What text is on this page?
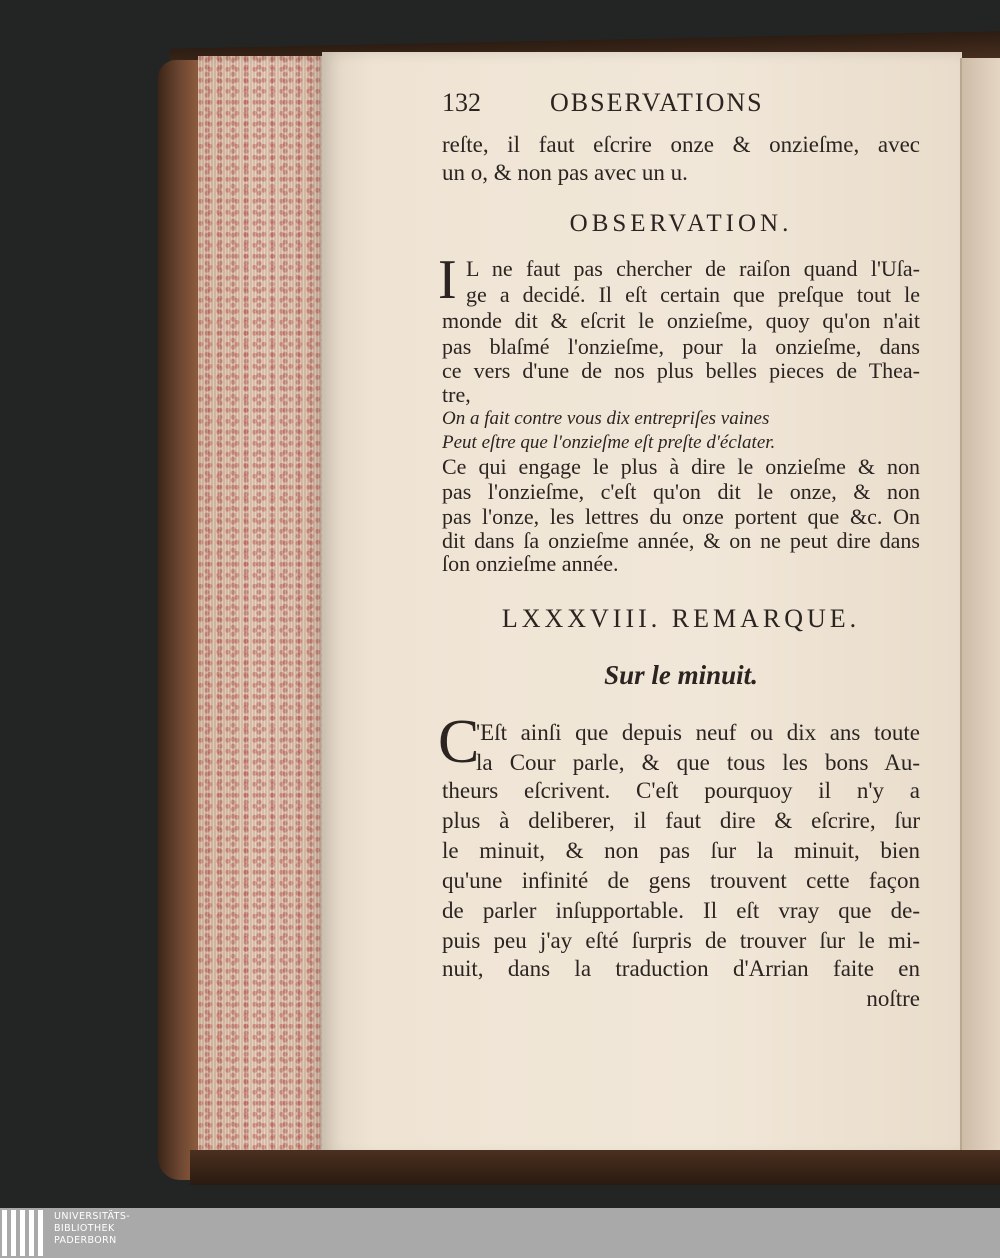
132	OBSERVATIONS
reſte, il faut eſcrire onze & onzieſme, avec
un o, & non pas avec un u.
OBSERVATION.
I L ne faut pas chercher de raiſon quand l'Uſa-
ge a decidé. Il eſt certain que preſque tout le
monde dit & eſcrit le onzieſme, quoy qu'on n'ait
pas blaſmé l'onzieſme, pour la onzieſme, dans
ce vers d'une de nos plus belles pieces de Thea-
tre,
On a fait contre vous dix entrepriſes vaines
Peut eſtre que l'onzieſme eſt preſte d'éclater.
Ce qui engage le plus à dire le onzieſme & non
pas l'onzieſme, c'eſt qu'on dit le onze, & non
pas l'onze, les lettres du onze portent que &c. On
dit dans ſa onzieſme année, & on ne peut dire dans
ſon onzieſme année.
LXXXVIII. REMARQUE.
Sur le minuit.
C
'Eſt ainſi que depuis neuf ou dix ans toute
la Cour parle, & que tous les bons Au-
theurs eſcrivent. C'eſt pourquoy il n'y a
plus à deliberer, il faut dire & eſcrire, ſur
le minuit, & non pas ſur la minuit, bien
qu'une infinité de gens trouvent cette façon
de parler inſupportable. Il eſt vray que de-
puis peu j'ay eſté ſurpris de trouver ſur le mi-
nuit, dans la traduction d'Arrian faite en
noſtre
UNIVERSITÄTS-
BIBLIOTHEK
PADERBORN
